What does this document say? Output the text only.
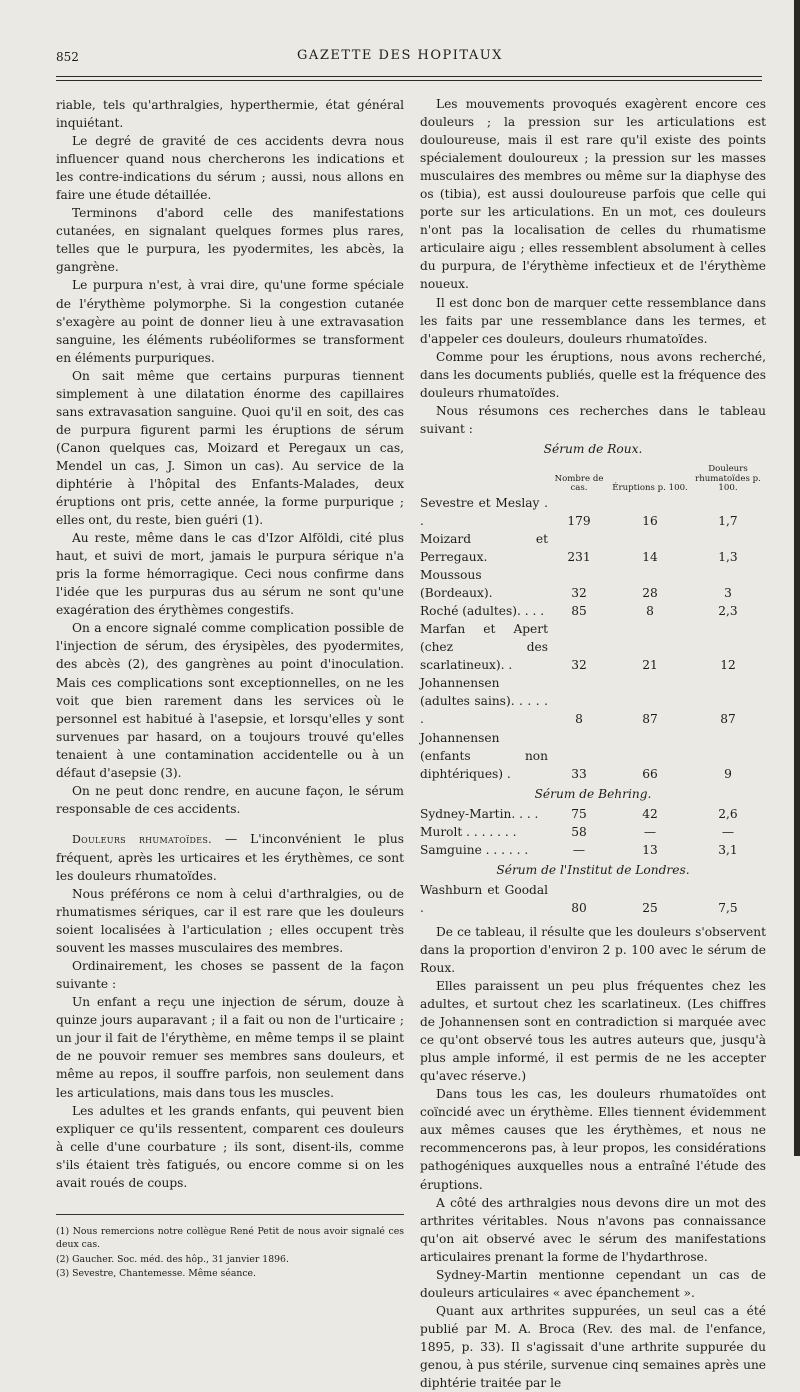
852	GAZETTE DES HOPITAUX

riable, tels qu'arthralgies, hyperthermie, état général inquiétant.

Le degré de gravité de ces accidents devra nous influencer quand nous chercherons les indications et les contre-indications du sérum ; aussi, nous allons en faire une étude détaillée.

Terminons d'abord celle des manifestations cutanées, en signalant quelques formes plus rares, telles que le purpura, les pyodermites, les abcès, la gangrène.

Le purpura n'est, à vrai dire, qu'une forme spéciale de l'érythème polymorphe. Si la congestion cutanée s'exagère au point de donner lieu à une extravasation sanguine, les éléments rubéoliformes se transforment en éléments purpuriques.

On sait même que certains purpuras tiennent simplement à une dilatation énorme des capillaires sans extravasation sanguine. Quoi qu'il en soit, des cas de purpura figurent parmi les éruptions de sérum (Canon quelques cas, Moizard et Peregaux un cas, Mendel un cas, J. Simon un cas). Au service de la diphtérie à l'hôpital des Enfants-Malades, deux éruptions ont pris, cette année, la forme purpurique ; elles ont, du reste, bien guéri (1).

Au reste, même dans le cas d'Izor Alföldi, cité plus haut, et suivi de mort, jamais le purpura sérique n'a pris la forme hémorragique. Ceci nous confirme dans l'idée que les purpuras dus au sérum ne sont qu'une exagération des érythèmes congestifs.

On a encore signalé comme complication possible de l'injection de sérum, des érysipèles, des pyodermites, des abcès (2), des gangrènes au point d'inoculation. Mais ces complications sont exceptionnelles, on ne les voit que bien rarement dans les services où le personnel est habitué à l'asepsie, et lorsqu'elles y sont survenues par hasard, on a toujours trouvé qu'elles tenaient à une contamination accidentelle ou à un défaut d'asepsie (3).

On ne peut donc rendre, en aucune façon, le sérum responsable de ces accidents.

Douleurs rhumatoïdes. — L'inconvénient le plus fréquent, après les urticaires et les érythèmes, ce sont les douleurs rhumatoïdes.

Nous préférons ce nom à celui d'arthralgies, ou de rhumatismes sériques, car il est rare que les douleurs soient localisées à l'articulation ; elles occupent très souvent les masses musculaires des membres.

Ordinairement, les choses se passent de la façon suivante :

Un enfant a reçu une injection de sérum, douze à quinze jours auparavant ; il a fait ou non de l'urticaire ; un jour il fait de l'érythème, en même temps il se plaint de ne pouvoir remuer ses membres sans douleurs, et même au repos, il souffre parfois, non seulement dans les articulations, mais dans tous les muscles.

Les adultes et les grands enfants, qui peuvent bien expliquer ce qu'ils ressentent, comparent ces douleurs à celle d'une courbature ; ils sont, disent-ils, comme s'ils étaient très fatigués, ou encore comme si on les avait roués de coups.

(1) Nous remercions notre collègue René Petit de nous avoir signalé ces deux cas.

(2) Gaucher. Soc. méd. des hôp., 31 janvier 1896.

(3) Sevestre, Chantemesse. Même séance.

Les mouvements provoqués exagèrent encore ces douleurs ; la pression sur les articulations est douloureuse, mais il est rare qu'il existe des points spécialement douloureux ; la pression sur les masses musculaires des membres ou même sur la diaphyse des os (tibia), est aussi douloureuse parfois que celle qui porte sur les articulations. En un mot, ces douleurs n'ont pas la localisation de celles du rhumatisme articulaire aigu ; elles ressemblent absolument à celles du purpura, de l'érythème infectieux et de l'érythème noueux.

Il est donc bon de marquer cette ressemblance dans les faits par une ressemblance dans les termes, et d'appeler ces douleurs, douleurs rhumatoïdes.

Comme pour les éruptions, nous avons recherché, dans les documents publiés, quelle est la fréquence des douleurs rhumatoïdes.

Nous résumons ces recherches dans le tableau suivant :

Sérum de Roux.
	Nombre de cas.	Éruptions p. 100.	Douleurs rhumatoïdes p. 100.
Sevestre et Meslay . .	179	16	1,7
Moizard et Perregaux.	231	14	1,3
Moussous (Bordeaux).	32	28	3
Roché (adultes). . . .	85	8	2,3
Marfan et Apert (chez des scarlatineux). .	32	21	12
Johannensen (adultes sains). . . . . .	8	87	87
Johannensen (enfants non diphtériques) .	33	66	9
Sérum de Behring.			
Sydney-Martin. . . .	75	42	2,6
Murolt . . . . . . .	58	—	—
Samguine . . . . . .	—	13	3,1
Sérum de l'Institut de Londres.			
Washburn et Goodal .	80	25	7,5

De ce tableau, il résulte que les douleurs s'observent dans la proportion d'environ 2 p. 100 avec le sérum de Roux.

Elles paraissent un peu plus fréquentes chez les adultes, et surtout chez les scarlatineux. (Les chiffres de Johannensen sont en contradiction si marquée avec ce qu'ont observé tous les autres auteurs que, jusqu'à plus ample informé, il est permis de ne les accepter qu'avec réserve.)

Dans tous les cas, les douleurs rhumatoïdes ont coïncidé avec un érythème. Elles tiennent évidemment aux mêmes causes que les érythèmes, et nous ne recommencerons pas, à leur propos, les considérations pathogéniques auxquelles nous a entraîné l'étude des éruptions.

A côté des arthralgies nous devons dire un mot des arthrites véritables. Nous n'avons pas connaissance qu'on ait observé avec le sérum des manifestations articulaires prenant la forme de l'hydarthrose.

Sydney-Martin mentionne cependant un cas de douleurs articulaires « avec épanchement ».

Quant aux arthrites suppurées, un seul cas a été publié par M. A. Broca (Rev. des mal. de l'enfance, 1895, p. 33). Il s'agissait d'une arthrite suppurée du genou, à pus stérile, survenue cinq semaines après une diphtérie traitée par le
